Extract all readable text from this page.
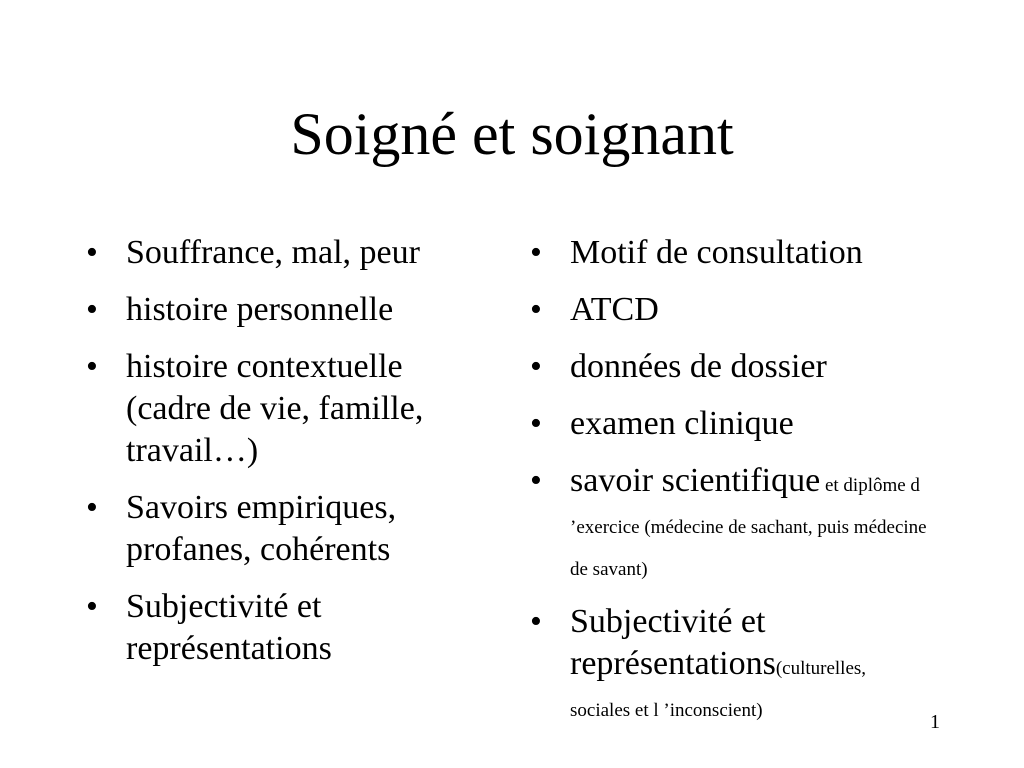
Soigné et soignant
• Souffrance, mal, peur
• histoire personnelle
• histoire contextuelle (cadre de vie, famille, travail…)
• Savoirs empiriques, profanes, cohérents
• Subjectivité et représentations
• Motif de consultation
• ATCD
• données de dossier
• examen clinique
• savoir scientifique et diplôme d ’exercice (médecine de sachant, puis médecine de savant)
• Subjectivité et représentations(culturelles, sociales et l ’inconscient)
1
